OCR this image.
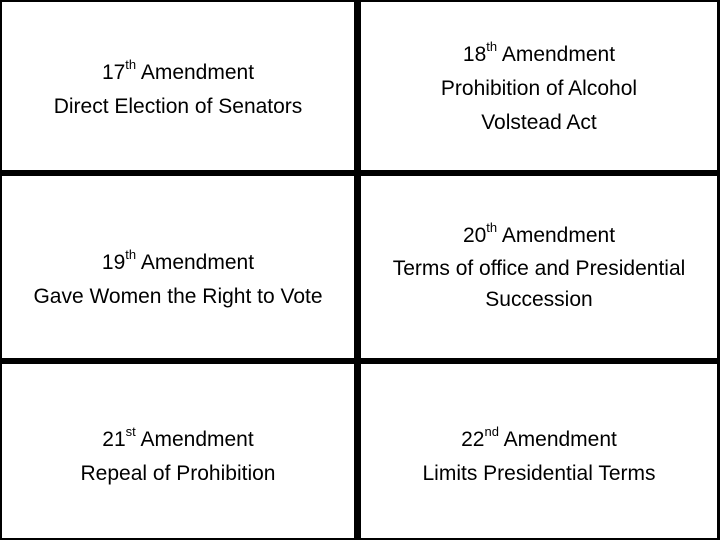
17th Amendment
Direct Election of Senators
18th Amendment
Prohibition of Alcohol
Volstead Act
19th Amendment
Gave Women the Right to Vote
20th Amendment
Terms of office and Presidential Succession
21st Amendment
Repeal of Prohibition
22nd Amendment
Limits Presidential Terms
